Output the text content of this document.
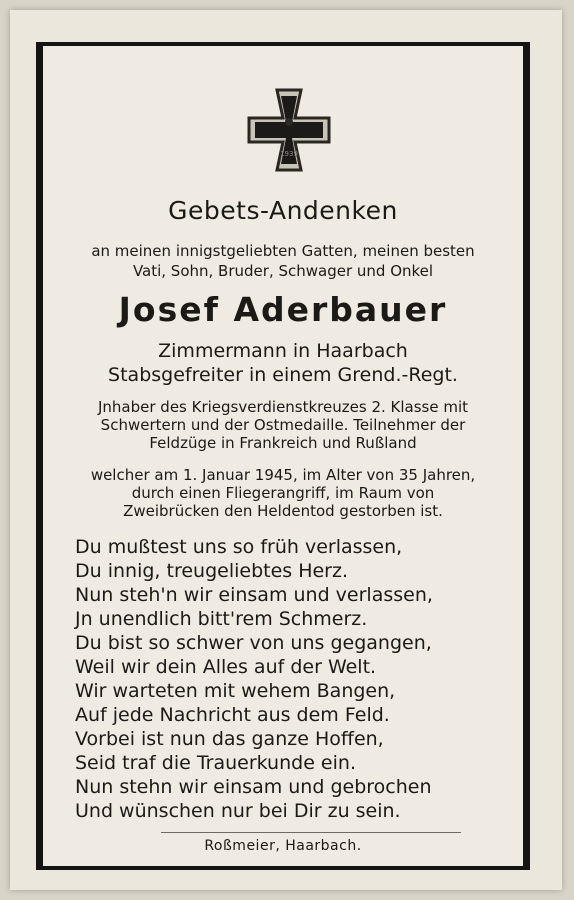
1939
Gebets-Andenken
an meinen innigstgeliebten Gatten, meinen besten
Vati, Sohn, Bruder, Schwager und Onkel
Josef Aderbauer
Zimmermann in Haarbach
Stabsgefreiter in einem Grend.-Regt.
Jnhaber des Kriegsverdienstkreuzes 2. Klasse mit
Schwertern und der Ostmedaille. Teilnehmer der
Feldzüge in Frankreich und Rußland
welcher am 1. Januar 1945, im Alter von 35 Jahren,
durch einen Fliegerangriff, im Raum von
Zweibrücken den Heldentod gestorben ist.
Du mußtest uns so früh verlassen,
Du innig, treugeliebtes Herz.
Nun steh'n wir einsam und verlassen,
Jn unendlich bitt'rem Schmerz.
Du bist so schwer von uns gegangen,
Weil wir dein Alles auf der Welt.
Wir warteten mit wehem Bangen,
Auf jede Nachricht aus dem Feld.
Vorbei ist nun das ganze Hoffen,
Seid traf die Trauerkunde ein.
Nun stehn wir einsam und gebrochen
Und wünschen nur bei Dir zu sein.
Roßmeier, Haarbach.
